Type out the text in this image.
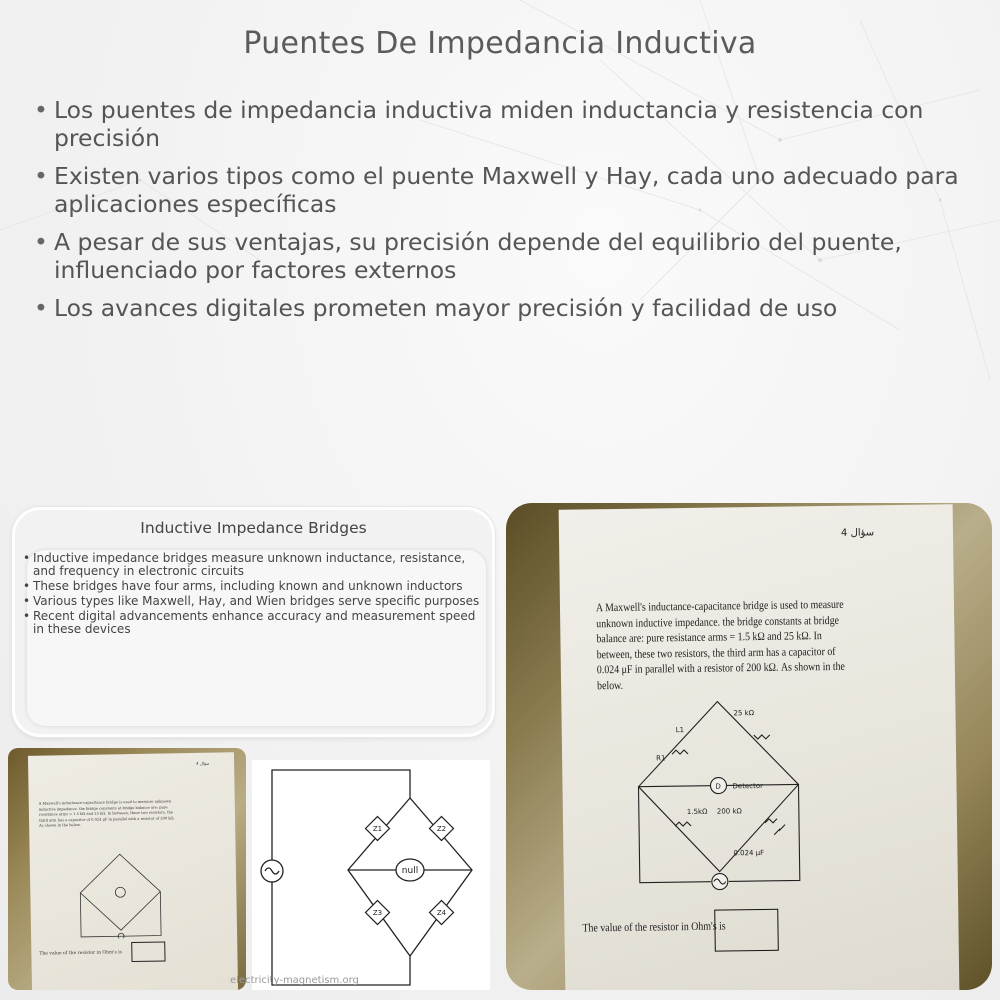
Puentes De Impedancia Inductiva
• Los puentes de impedancia inductiva miden inductancia y resistencia con precisión
• Existen varios tipos como el puente Maxwell y Hay, cada uno adecuado para aplicaciones específicas
• A pesar de sus ventajas, su precisión depende del equilibrio del puente, influenciado por factores externos
• Los avances digitales prometen mayor precisión y facilidad de uso
Inductive Impedance Bridges
• Inductive impedance bridges measure unknown inductance, resistance, and frequency in electronic circuits
• These bridges have four arms, including known and unknown inductors
• Various types like Maxwell, Hay, and Wien bridges serve specific purposes
• Recent digital advancements enhance accuracy and measurement speed in these devices
سؤال 4
A Maxwell's inductance-capacitance bridge is used to measure unknown inductive impedance. the bridge constants at bridge balance are: pure resistance arms = 1.5 kΩ and 25 kΩ. In between, these two resistors, the third arm has a capacitor of 0.024 μF in parallel with a resistor of 200 kΩ. As shown in the below.
The value of the resistor in Ohm's is
Z1	Z2
null
Z3	Z4
electricity-magnetism.org
سؤال 4
A Maxwell's inductance-capacitance bridge is used to measure unknown inductive impedance. the bridge constants at bridge balance are: pure resistance arms = 1.5 kΩ and 25 kΩ. In between, these two resistors, the third arm has a capacitor of 0.024 μF in parallel with a resistor of 200 kΩ. As shown in the below.
25 kΩ
L1
R1
D Detector
1.5kΩ 200 kΩ
0.024 μF
The value of the resistor in Ohm's is
